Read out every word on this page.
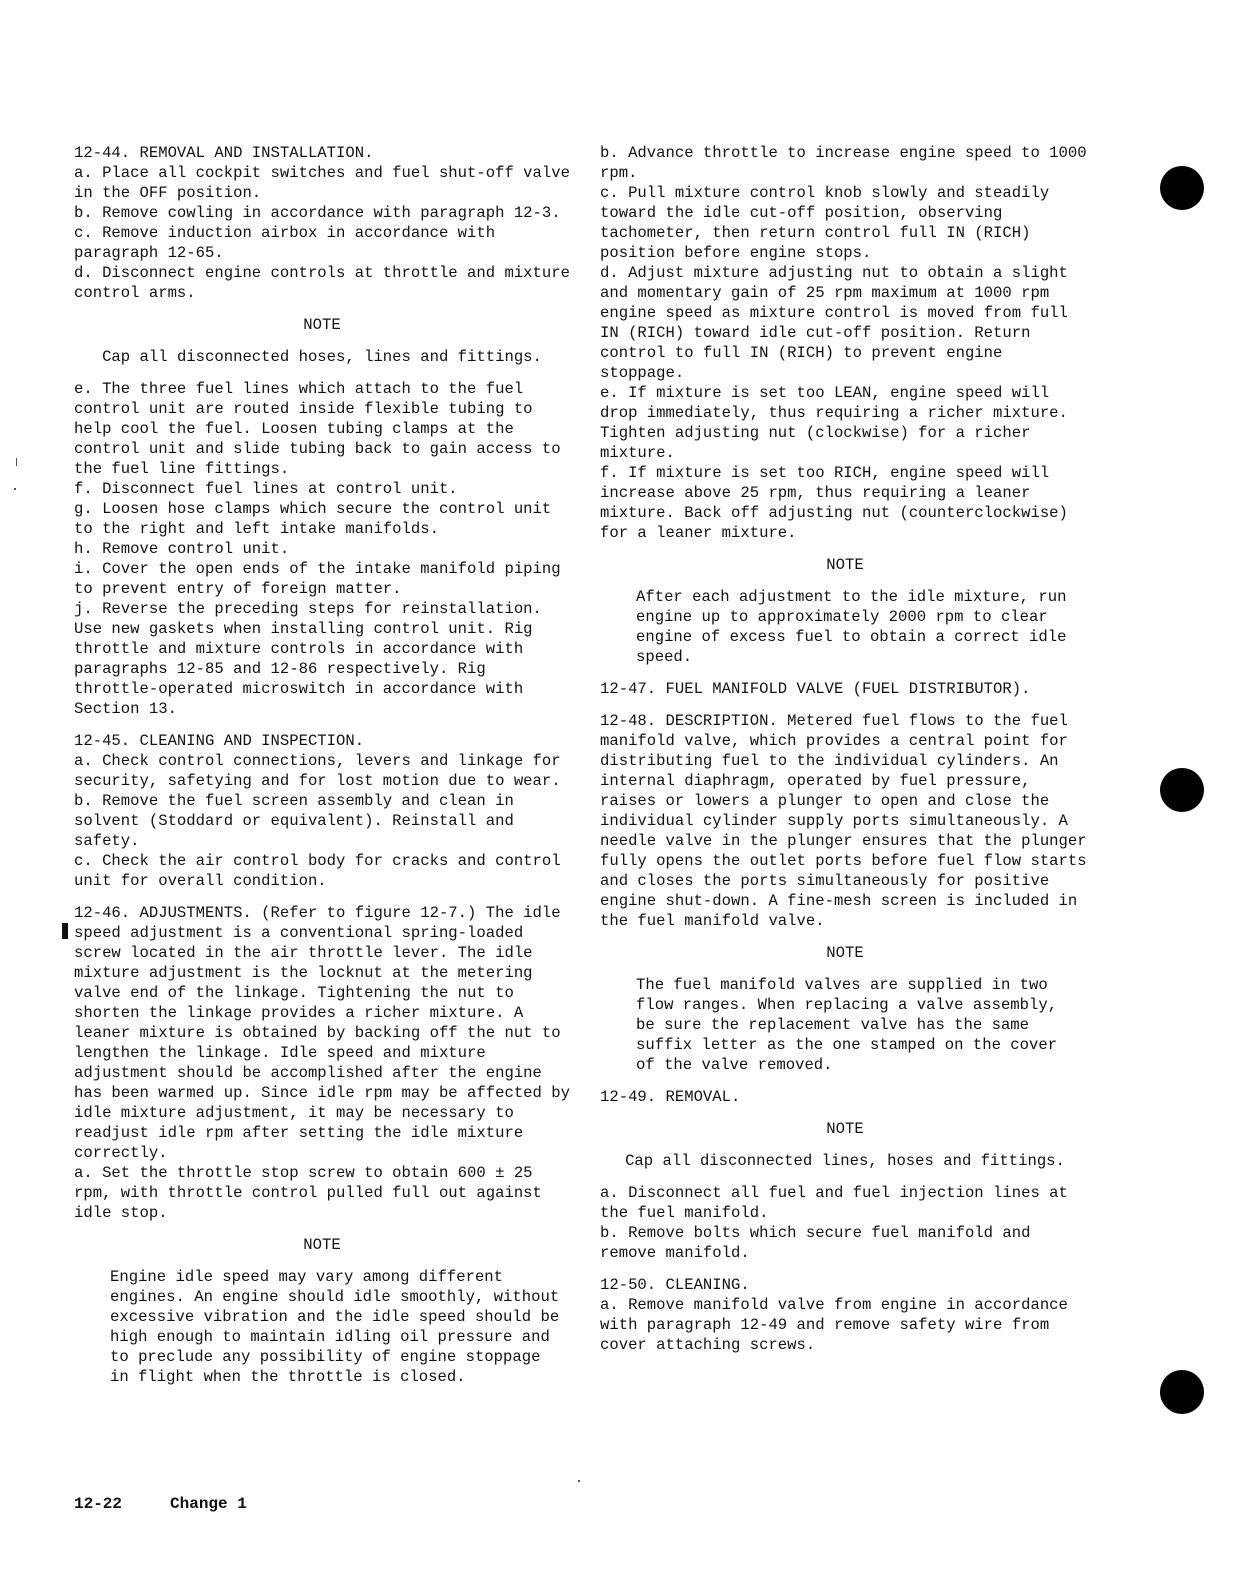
12-44. REMOVAL AND INSTALLATION.

a. Place all cockpit switches and fuel shut-off valve in the OFF position.

b. Remove cowling in accordance with paragraph 12-3.

c. Remove induction airbox in accordance with paragraph 12-65.

d. Disconnect engine controls at throttle and mixture control arms.

NOTE

Cap all disconnected hoses, lines and fittings.

e. The three fuel lines which attach to the fuel control unit are routed inside flexible tubing to help cool the fuel. Loosen tubing clamps at the control unit and slide tubing back to gain access to the fuel line fittings.

f. Disconnect fuel lines at control unit.

g. Loosen hose clamps which secure the control unit to the right and left intake manifolds.

h. Remove control unit.

i. Cover the open ends of the intake manifold piping to prevent entry of foreign matter.

j. Reverse the preceding steps for reinstallation. Use new gaskets when installing control unit. Rig throttle and mixture controls in accordance with paragraphs 12-85 and 12-86 respectively. Rig throttle-operated microswitch in accordance with Section 13.

12-45. CLEANING AND INSPECTION.

a. Check control connections, levers and linkage for security, safetying and for lost motion due to wear.

b. Remove the fuel screen assembly and clean in solvent (Stoddard or equivalent). Reinstall and safety.

c. Check the air control body for cracks and control unit for overall condition.

12-46. ADJUSTMENTS. (Refer to figure 12-7.) The idle speed adjustment is a conventional spring-loaded screw located in the air throttle lever. The idle mixture adjustment is the locknut at the metering valve end of the linkage. Tightening the nut to shorten the linkage provides a richer mixture. A leaner mixture is obtained by backing off the nut to lengthen the linkage. Idle speed and mixture adjustment should be accomplished after the engine has been warmed up. Since idle rpm may be affected by idle mixture adjustment, it may be necessary to readjust idle rpm after setting the idle mixture correctly.

a. Set the throttle stop screw to obtain 600 ± 25 rpm, with throttle control pulled full out against idle stop.

NOTE

Engine idle speed may vary among different engines. An engine should idle smoothly, without excessive vibration and the idle speed should be high enough to maintain idling oil pressure and to preclude any possibility of engine stoppage in flight when the throttle is closed.

b. Advance throttle to increase engine speed to 1000 rpm.

c. Pull mixture control knob slowly and steadily toward the idle cut-off position, observing tachometer, then return control full IN (RICH) position before engine stops.

d. Adjust mixture adjusting nut to obtain a slight and momentary gain of 25 rpm maximum at 1000 rpm engine speed as mixture control is moved from full IN (RICH) toward idle cut-off position. Return control to full IN (RICH) to prevent engine stoppage.

e. If mixture is set too LEAN, engine speed will drop immediately, thus requiring a richer mixture. Tighten adjusting nut (clockwise) for a richer mixture.

f. If mixture is set too RICH, engine speed will increase above 25 rpm, thus requiring a leaner mixture. Back off adjusting nut (counterclockwise) for a leaner mixture.

NOTE

After each adjustment to the idle mixture, run engine up to approximately 2000 rpm to clear engine of excess fuel to obtain a correct idle speed.

12-47. FUEL MANIFOLD VALVE (FUEL DISTRIBUTOR).

12-48. DESCRIPTION. Metered fuel flows to the fuel manifold valve, which provides a central point for distributing fuel to the individual cylinders. An internal diaphragm, operated by fuel pressure, raises or lowers a plunger to open and close the individual cylinder supply ports simultaneously. A needle valve in the plunger ensures that the plunger fully opens the outlet ports before fuel flow starts and closes the ports simultaneously for positive engine shut-down. A fine-mesh screen is included in the fuel manifold valve.

NOTE

The fuel manifold valves are supplied in two flow ranges. When replacing a valve assembly, be sure the replacement valve has the same suffix letter as the one stamped on the cover of the valve removed.

12-49. REMOVAL.

NOTE

Cap all disconnected lines, hoses and fittings.

a. Disconnect all fuel and fuel injection lines at the fuel manifold.

b. Remove bolts which secure fuel manifold and remove manifold.

12-50. CLEANING.

a. Remove manifold valve from engine in accordance with paragraph 12-49 and remove safety wire from cover attaching screws.

12-22	Change 1
